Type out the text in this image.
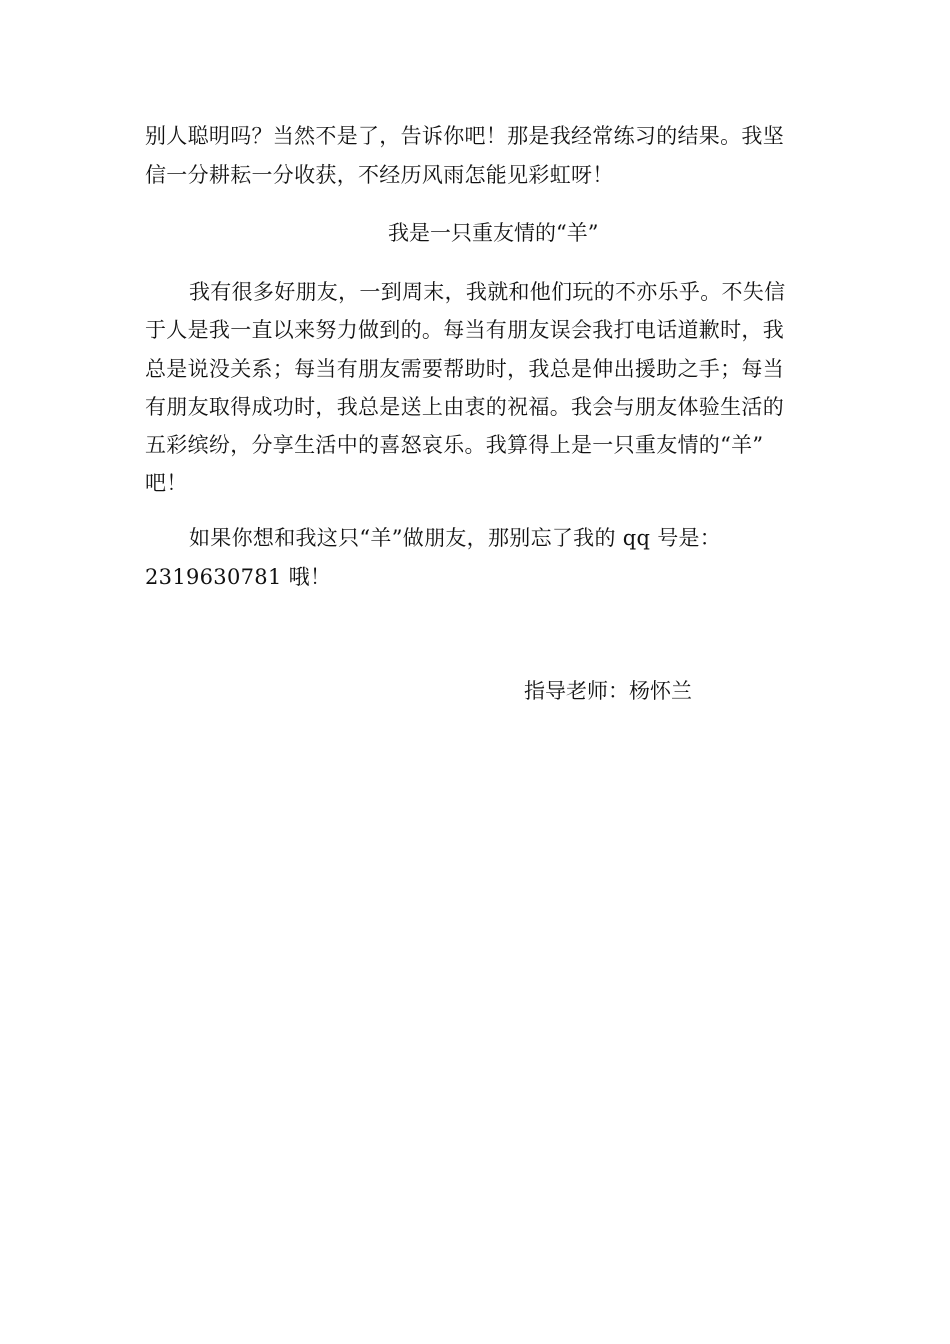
别人聪明吗？当然不是了，告诉你吧！那是我经常练习的结果。我坚
信一分耕耘一分收获，不经历风雨怎能见彩虹呀！
我是一只重友情的“羊”
我有很多好朋友，一到周末，我就和他们玩的不亦乐乎。不失信
于人是我一直以来努力做到的。每当有朋友误会我打电话道歉时，我
总是说没关系；每当有朋友需要帮助时，我总是伸出援助之手；每当
有朋友取得成功时，我总是送上由衷的祝福。我会与朋友体验生活的
五彩缤纷，分享生活中的喜怒哀乐。我算得上是一只重友情的“羊”
吧！
如果你想和我这只“羊”做朋友，那别忘了我的 qq 号是：
2319630781 哦！
指导老师：杨怀兰
